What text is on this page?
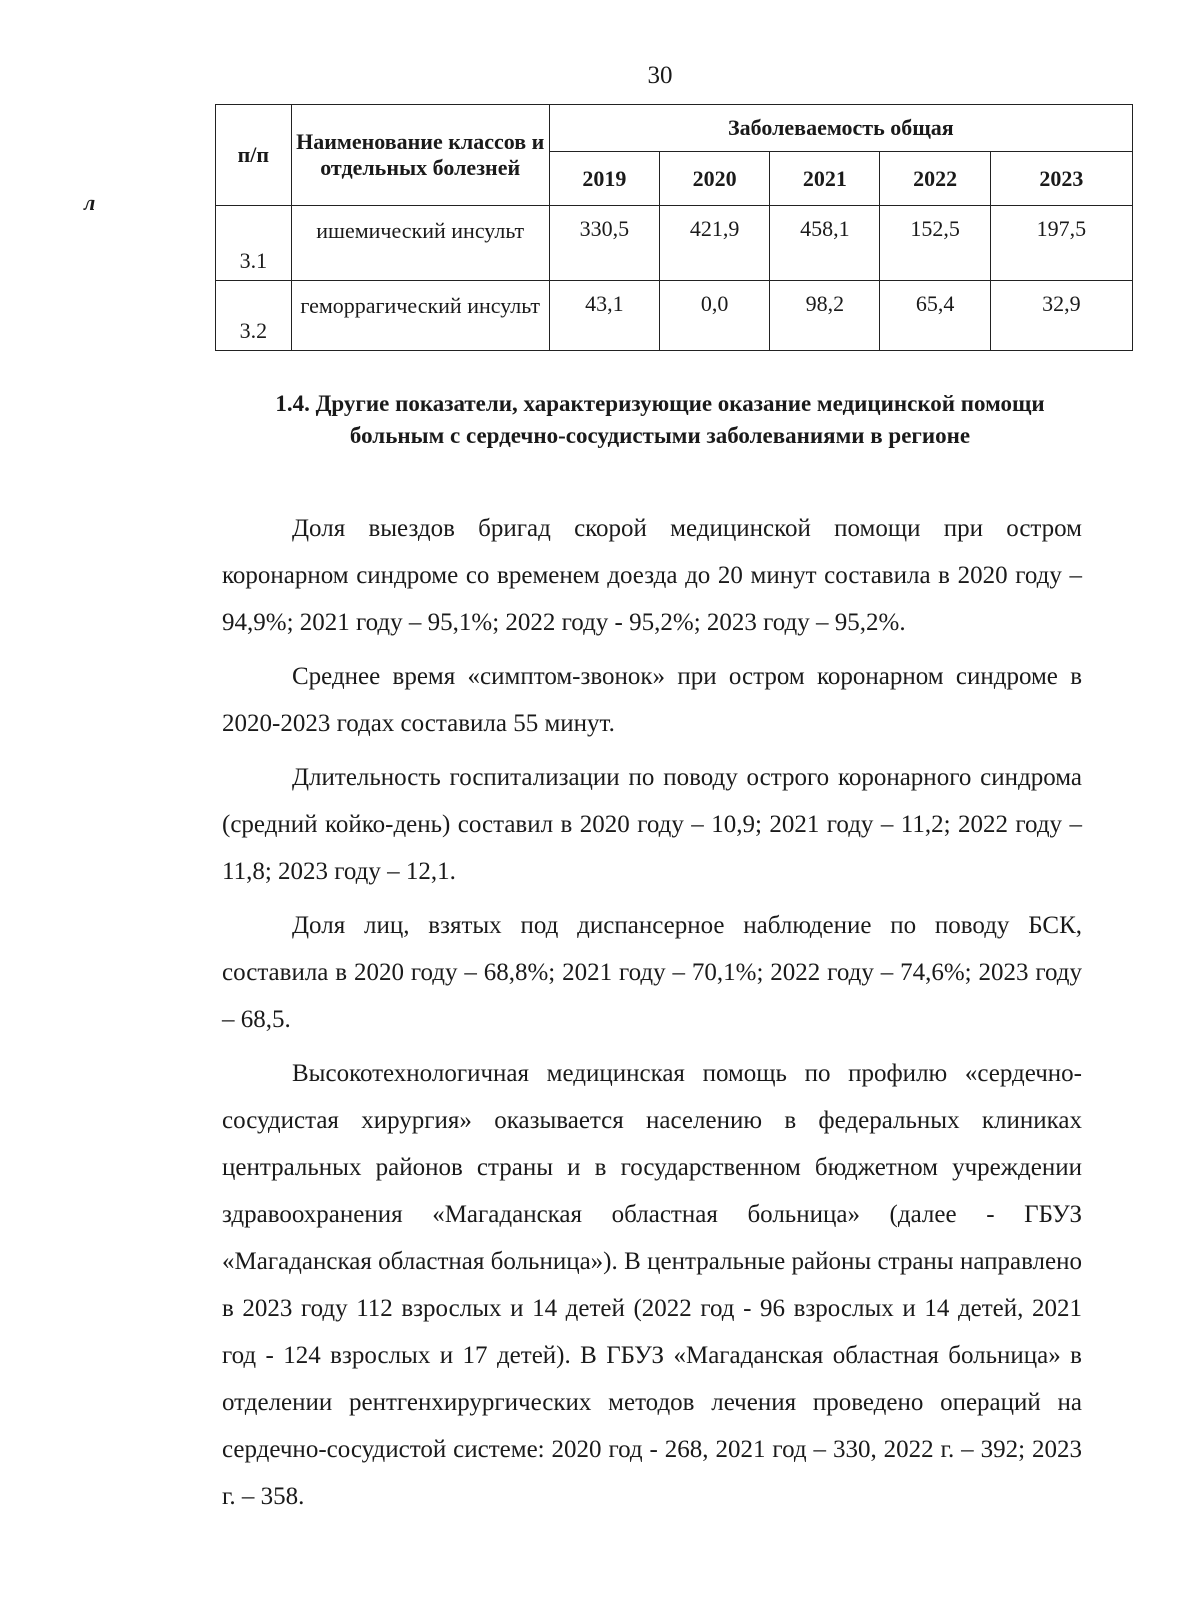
30
л
п/п	Наименование классов и отдельных болезней	Заболеваемость общая				
		2019	2020	2021	2022	2023
3.1	ишемический инсульт	330,5	421,9	458,1	152,5	197,5
3.2	геморрагический инсульт	43,1	0,0	98,2	65,4	32,9
1.4. Другие показатели, характеризующие оказание медицинской помощи больным с сердечно-сосудистыми заболеваниями в регионе

Доля выездов бригад скорой медицинской помощи при остром коронарном синдроме со временем доезда до 20 минут составила в 2020 году – 94,9%; 2021 году – 95,1%; 2022 году - 95,2%; 2023 году – 95,2%.

Среднее время «симптом-звонок» при остром коронарном синдроме в 2020-2023 годах составила 55 минут.

Длительность госпитализации по поводу острого коронарного синдрома (средний койко-день) составил в 2020 году – 10,9; 2021 году – 11,2; 2022 году – 11,8; 2023 году – 12,1.

Доля лиц, взятых под диспансерное наблюдение по поводу БСК, составила в 2020 году – 68,8%; 2021 году – 70,1%; 2022 году – 74,6%; 2023 году – 68,5.

Высокотехнологичная медицинская помощь по профилю «сердечно-сосудистая хирургия» оказывается населению в федеральных клиниках центральных районов страны и в государственном бюджетном учреждении здравоохранения «Магаданская областная больница» (далее - ГБУЗ «Магаданская областная больница»). В центральные районы страны направлено в 2023 году 112 взрослых и 14 детей (2022 год - 96 взрослых и 14 детей, 2021 год - 124 взрослых и 17 детей). В ГБУЗ «Магаданская областная больница» в отделении рентгенхирургических методов лечения проведено операций на сердечно-сосудистой системе: 2020 год - 268, 2021 год – 330, 2022 г. – 392; 2023 г. – 358.
